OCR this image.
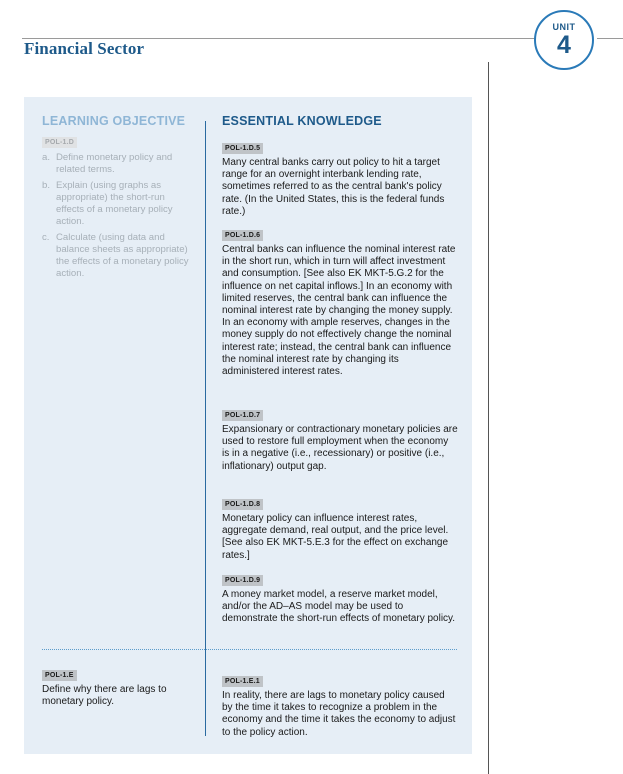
Financial Sector
UNIT
4
LEARNING OBJECTIVE	ESSENTIAL KNOWLEDGE
POL-1.D
a. Define monetary policy and related terms.
b. Explain (using graphs as appropriate) the short-run effects of a monetary policy action.
c. Calculate (using data and balance sheets as appropriate) the effects of a monetary policy action.
POL-1.D.5

Many central banks carry out policy to hit a target range for an overnight interbank lending rate, sometimes referred to as the central bank's policy rate. (In the United States, this is the federal funds rate.)

POL-1.D.6

Central banks can influence the nominal interest rate in the short run, which in turn will affect investment and consumption. [See also EK MKT-5.G.2 for the influence on net capital inflows.] In an economy with limited reserves, the central bank can influence the nominal interest rate by changing the money supply. In an economy with ample reserves, changes in the money supply do not effectively change the nominal interest rate; instead, the central bank can influence the nominal interest rate by changing its administered interest rates.

POL-1.D.7

Expansionary or contractionary monetary policies are used to restore full employment when the economy is in a negative (i.e., recessionary) or positive (i.e., inflationary) output gap.

POL-1.D.8

Monetary policy can influence interest rates, aggregate demand, real output, and the price level. [See also EK MKT-5.E.3 for the effect on exchange rates.]

POL-1.D.9

A money market model, a reserve market model, and/or the AD–AS model may be used to demonstrate the short-run effects of monetary policy.

POL-1.E

Define why there are lags to monetary policy.

POL-1.E.1

In reality, there are lags to monetary policy caused by the time it takes to recognize a problem in the economy and the time it takes the economy to adjust to the policy action.
